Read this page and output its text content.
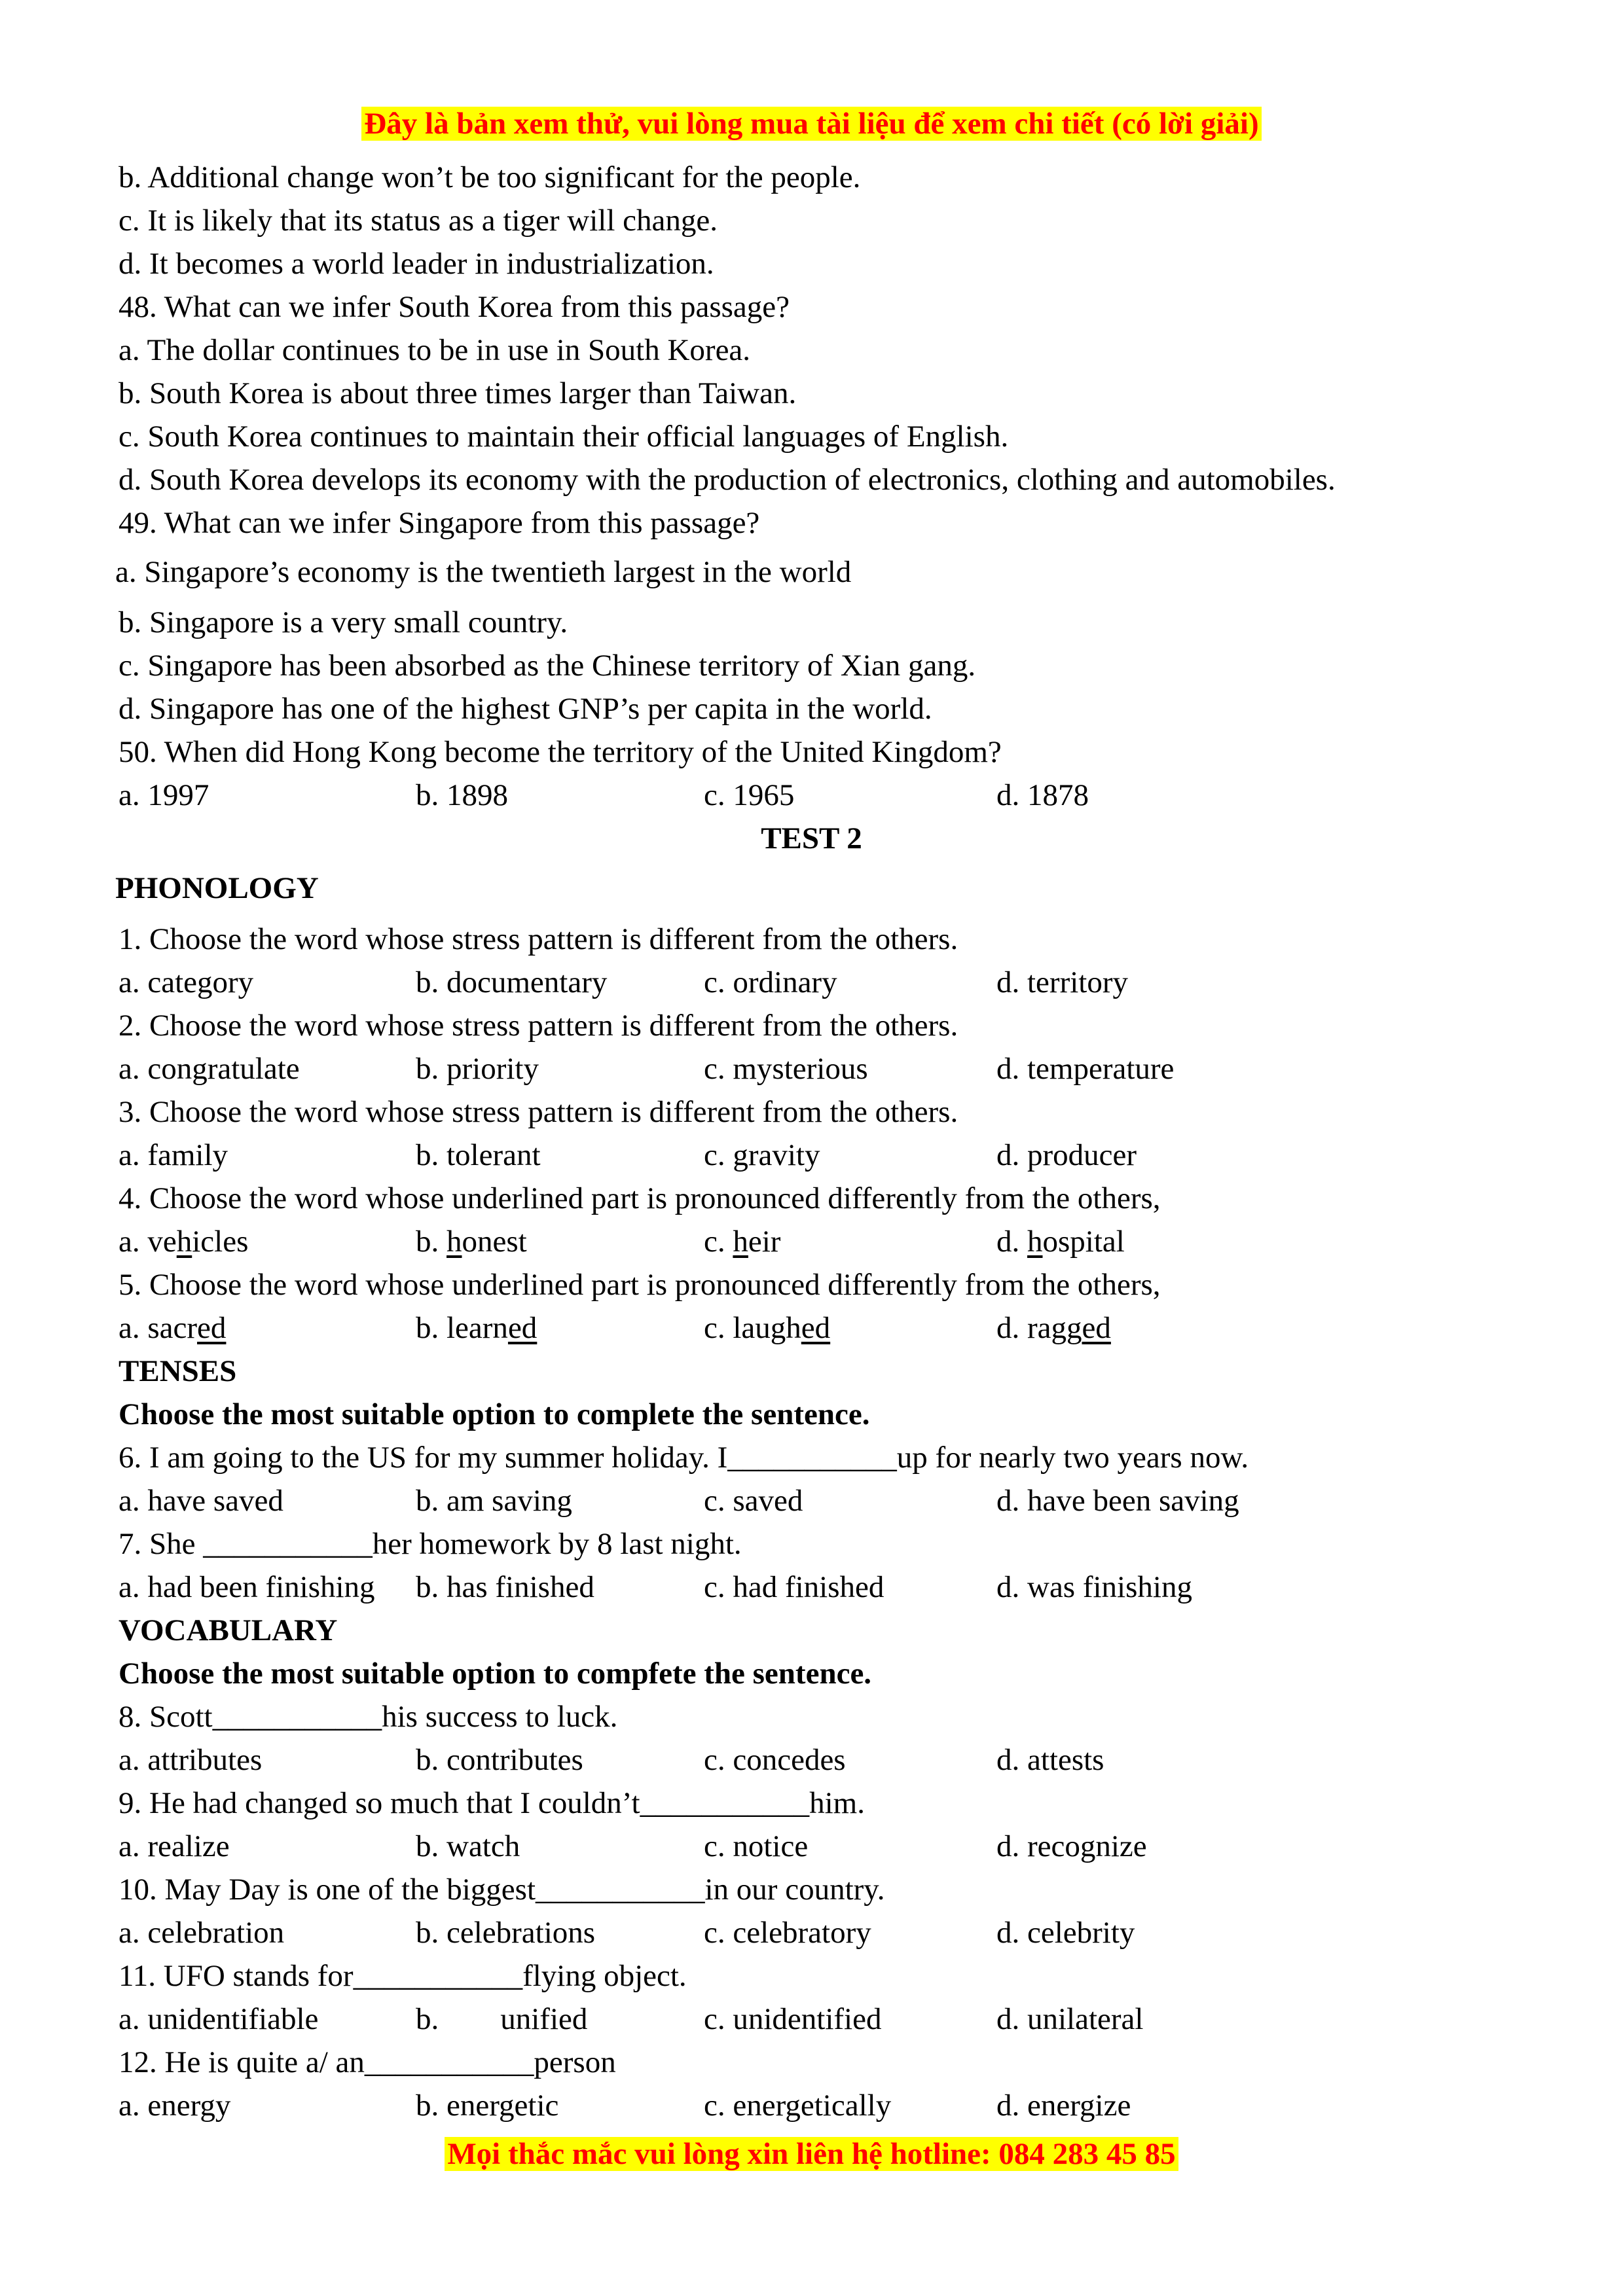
Đây là bản xem thử, vui lòng mua tài liệu để xem chi tiết (có lời giải)
b. Additional change won’t be too significant for the people.
c. It is likely that its status as a tiger will change.
d. It becomes a world leader in industrialization.
48. What can we infer South Korea from this passage?
a. The dollar continues to be in use in South Korea.
b. South Korea is about three times larger than Taiwan.
c. South Korea continues to maintain their official languages of English.
d. South Korea develops its economy with the production of electronics, clothing and automobiles.
49. What can we infer Singapore from this passage?
a. Singapore’s economy is the twentieth largest in the world
b. Singapore is a very small country.
c. Singapore has been absorbed as the Chinese territory of Xian gang.
d. Singapore has one of the highest GNP’s per capita in the world.
50. When did Hong Kong become the territory of the United Kingdom?
a. 1997	b. 1898	c. 1965	d. 1878
TEST 2
PHONOLOGY
1. Choose the word whose stress pattern is different from the others.
a. category	b. documentary	c. ordinary	d. territory
2. Choose the word whose stress pattern is different from the others.
a. congratulate	b. priority	c. mysterious	d. temperature
3. Choose the word whose stress pattern is different from the others.
a. family	b. tolerant	c. gravity	d. producer
4. Choose the word whose underlined part is pronounced differently from the others,
a. vehicles	b. honest	c. heir	d. hospital
5. Choose the word whose underlined part is pronounced differently from the others,
a. sacred	b. learned	c. laughed	d. ragged
TENSES
Choose the most suitable option to complete the sentence.
6. I am going to the US for my summer holiday. I___________up for nearly two years now.
a. have saved	b. am saving	c. saved	d. have been saving
7. She ___________her homework by 8 last night.
a. had been finishing b. has finished	c. had finished	d. was finishing
VOCABULARY
Choose the most suitable option to compfete the sentence.
8. Scott___________his success to luck.
a. attributes	b. contributes	c. concedes	d. attests
9. He had changed so much that I couldn’t___________him.
a. realize	b. watch	c. notice	d. recognize
10. May Day is one of the biggest___________in our country.
a. celebration	b. celebrations	c. celebratory	d. celebrity
11. UFO stands for___________flying object.
a. unidentifiable	b.        unified	c. unidentified	d. unilateral
12. He is quite a/ an___________person
a. energy	b. energetic	c. energetically	d. energize
Mọi thắc mắc vui lòng xin liên hệ hotline: 084 283 45 85
